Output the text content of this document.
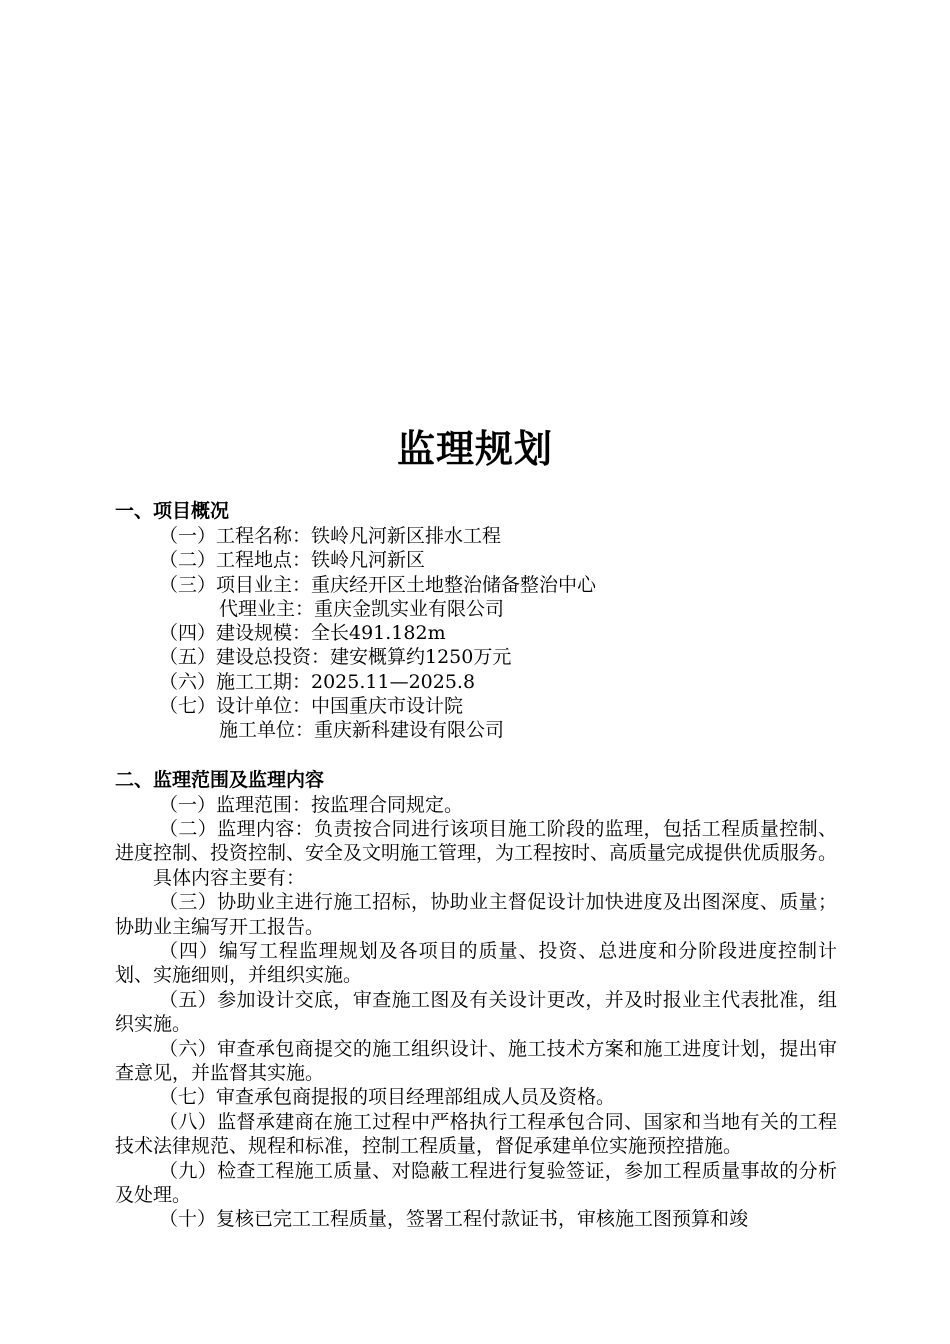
监理规划
一、项目概况
（一）工程名称：铁岭凡河新区排水工程
（二）工程地点：铁岭凡河新区
（三）项目业主：重庆经开区土地整治储备整治中心
代理业主：重庆金凯实业有限公司
（四）建设规模：全长491.182m
（五）建设总投资：建安概算约1250万元
（六）施工工期：2025.11—2025.8
（七）设计单位：中国重庆市设计院
施工单位：重庆新科建设有限公司
二、监理范围及监理内容
（一）监理范围：按监理合同规定。
（二）监理内容：负责按合同进行该项目施工阶段的监理，包括工程质量控制、进度控制、投资控制、安全及文明施工管理，为工程按时、高质量完成提供优质服务。
具体内容主要有：
（三）协助业主进行施工招标，协助业主督促设计加快进度及出图深度、质量；协助业主编写开工报告。
（四）编写工程监理规划及各项目的质量、投资、总进度和分阶段进度控制计划、实施细则，并组织实施。
（五）参加设计交底，审查施工图及有关设计更改，并及时报业主代表批准，组织实施。
（六）审查承包商提交的施工组织设计、施工技术方案和施工进度计划，提出审查意见，并监督其实施。
（七）审查承包商提报的项目经理部组成人员及资格。
（八）监督承建商在施工过程中严格执行工程承包合同、国家和当地有关的工程技术法律规范、规程和标准，控制工程质量，督促承建单位实施预控措施。
（九）检查工程施工质量、对隐蔽工程进行复验签证，参加工程质量事故的分析及处理。
（十）复核已完工工程质量，签署工程付款证书，审核施工图预算和竣
